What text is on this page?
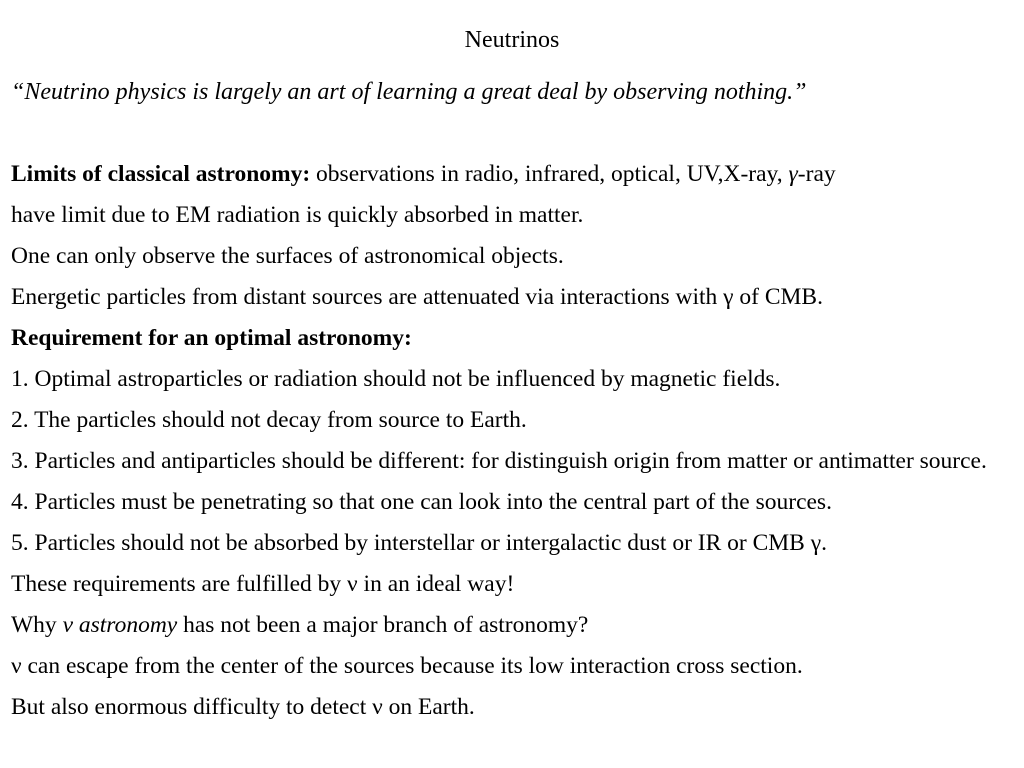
Neutrinos
“Neutrino physics is largely an art of learning a great deal by observing nothing.”

Limits of classical astronomy: observations in radio, infrared, optical, UV,X-ray, γ-ray

have limit due to EM radiation is quickly absorbed in matter.

One can only observe the surfaces of astronomical objects.

Energetic particles from distant sources are attenuated via interactions with γ of CMB.

Requirement for an optimal astronomy:

1. Optimal astroparticles or radiation should not be influenced by magnetic fields.

2. The particles should not decay from source to Earth.

3. Particles and antiparticles should be different: for distinguish origin from matter or antimatter source.

4. Particles must be penetrating so that one can look into the central part of the sources.

5. Particles should not be absorbed by interstellar or intergalactic dust or IR or CMB γ.

These requirements are fulfilled by ν in an ideal way!

Why ν astronomy has not been a major branch of astronomy?

ν can escape from the center of the sources because its low interaction cross section.

But also enormous difficulty to detect ν on Earth.
